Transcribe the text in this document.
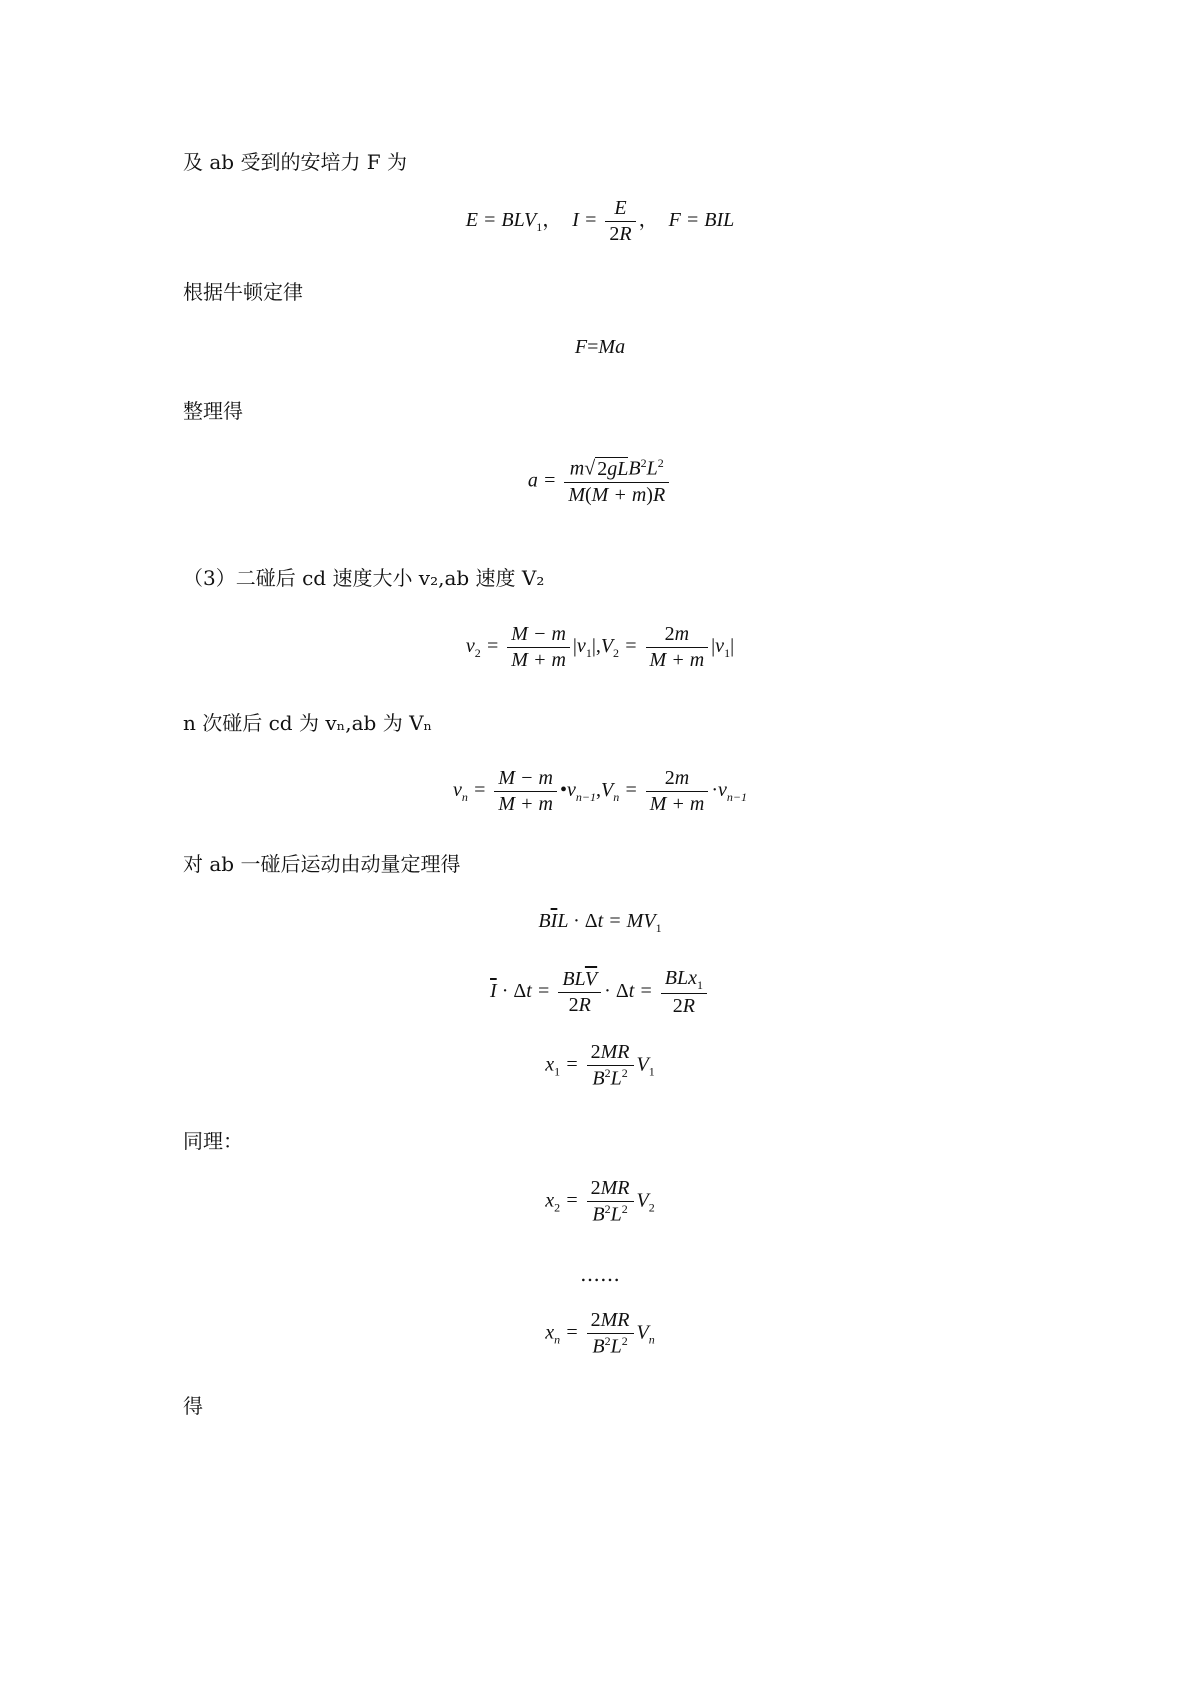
及 ab 受到的安培力 F 为
$E = BLV_1$，  $I = \frac{E}{2R}$ ，  F = BIL
根据牛顿定律
F=Ma
整理得
$a = \frac{m√ 2gLB^2L^2}{M(M + m)R}$
（3）二碰后 cd 速度大小 v₂,ab 速度 V₂
$v_2 = \frac{M - m}{M + m} |v_1|,V_2 = \frac{2m}{M + m} |v_1|$
n 次碰后 cd 为 vₙ,ab 为 Vₙ
$v_n = \frac{M - m}{M + m}$ $•v_{n-1},V_n = \frac{2m}{M + m} \cdot v_{n-1}$
对 ab 一碰后运动由动量定理得
$B\overline{I}L \cdot \Delta t = MV_1$
$\overline{I} \cdot \Delta t = \frac{BL\overline{V}}{2R} \cdot \Delta t = \frac{BLx_1}{2R}$
$x_1 = \frac{2MR}{B^2L^2} V_1$
同理：
$x_2 = \frac{2MR}{B^2L^2} V_2$
……
$x_n = \frac{2MR}{B^2L^2} V_n$
得
